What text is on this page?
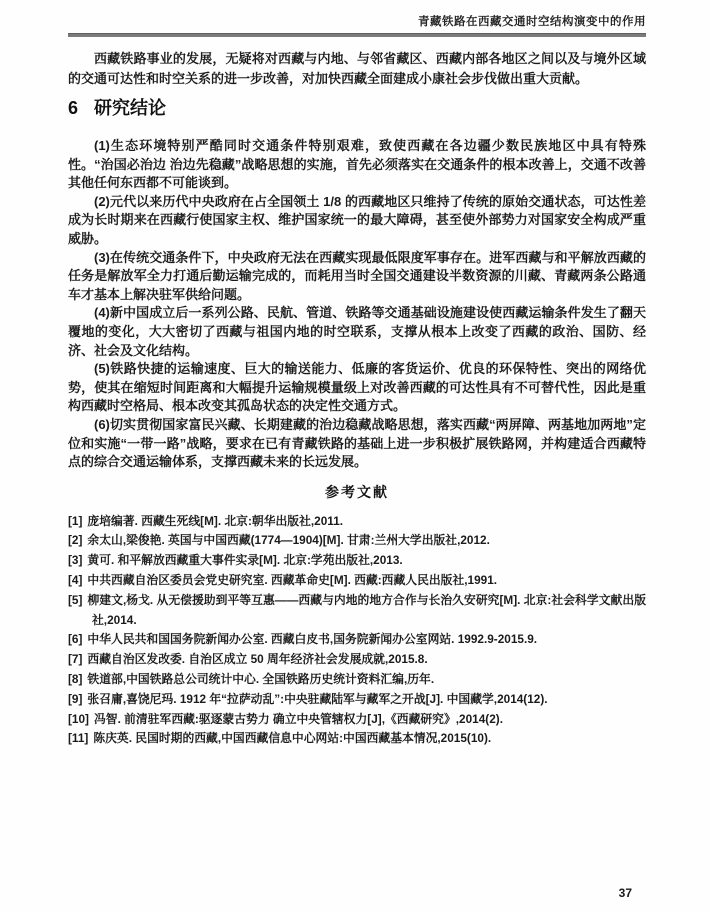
青藏铁路在西藏交通时空结构演变中的作用

西藏铁路事业的发展，无疑将对西藏与内地、与邻省藏区、西藏内部各地区之间以及与境外区域的交通可达性和时空关系的进一步改善，对加快西藏全面建成小康社会步伐做出重大贡献。

6 研究结论

(1)生态环境特别严酷同时交通条件特别艰难，致使西藏在各边疆少数民族地区中具有特殊性。“治国必治边 治边先稳藏”战略思想的实施，首先必须落实在交通条件的根本改善上，交通不改善其他任何东西都不可能谈到。

(2)元代以来历代中央政府在占全国领土 1/8 的西藏地区只维持了传统的原始交通状态，可达性差成为长时期来在西藏行使国家主权、维护国家统一的最大障碍，甚至使外部势力对国家安全构成严重威胁。

(3)在传统交通条件下，中央政府无法在西藏实现最低限度军事存在。进军西藏与和平解放西藏的任务是解放军全力打通后勤运输完成的，而耗用当时全国交通建设半数资源的川藏、青藏两条公路通车才基本上解决驻军供给问题。

(4)新中国成立后一系列公路、民航、管道、铁路等交通基础设施建设使西藏运输条件发生了翻天覆地的变化，大大密切了西藏与祖国内地的时空联系，支撑从根本上改变了西藏的政治、国防、经济、社会及文化结构。

(5)铁路快捷的运输速度、巨大的输送能力、低廉的客货运价、优良的环保特性、突出的网络优势，使其在缩短时间距离和大幅提升运输规模量级上对改善西藏的可达性具有不可替代性，因此是重构西藏时空格局、根本改变其孤岛状态的决定性交通方式。

(6)切实贯彻国家富民兴藏、长期建藏的治边稳藏战略思想，落实西藏“两屏障、两基地加两地”定位和实施“一带一路”战略，要求在已有青藏铁路的基础上进一步积极扩展铁路网，并构建适合西藏特点的综合交通运输体系，支撑西藏未来的长远发展。

参考文献
[1] 庞培编著. 西藏生死线[M]. 北京:朝华出版社,2011.
[2] 余太山,梁俊艳. 英国与中国西藏(1774—1904)[M]. 甘肃:兰州大学出版社,2012.
[3] 黄可. 和平解放西藏重大事件实录[M]. 北京:学苑出版社,2013.
[4] 中共西藏自治区委员会党史研究室. 西藏革命史[M]. 西藏:西藏人民出版社,1991.
[5] 柳建文,杨戈. 从无偿援助到平等互惠——西藏与内地的地方合作与长治久安研究[M]. 北京:社会科学文献出版社,2014.
[6] 中华人民共和国国务院新闻办公室. 西藏白皮书,国务院新闻办公室网站. 1992.9-2015.9.
[7] 西藏自治区发改委. 自治区成立 50 周年经济社会发展成就,2015.8.
[8] 铁道部,中国铁路总公司统计中心. 全国铁路历史统计资料汇编,历年.
[9] 张召庸,喜饶尼玛. 1912 年“拉萨动乱”:中央驻藏陆军与藏军之开战[J]. 中国藏学,2014(12).
[10] 冯智. 前清驻军西藏:驱逐蒙古势力 确立中央管辖权力[J],《西藏研究》,2014(2).
[11] 陈庆英. 民国时期的西藏,中国西藏信息中心网站:中国西藏基本情况,2015(10).
37
